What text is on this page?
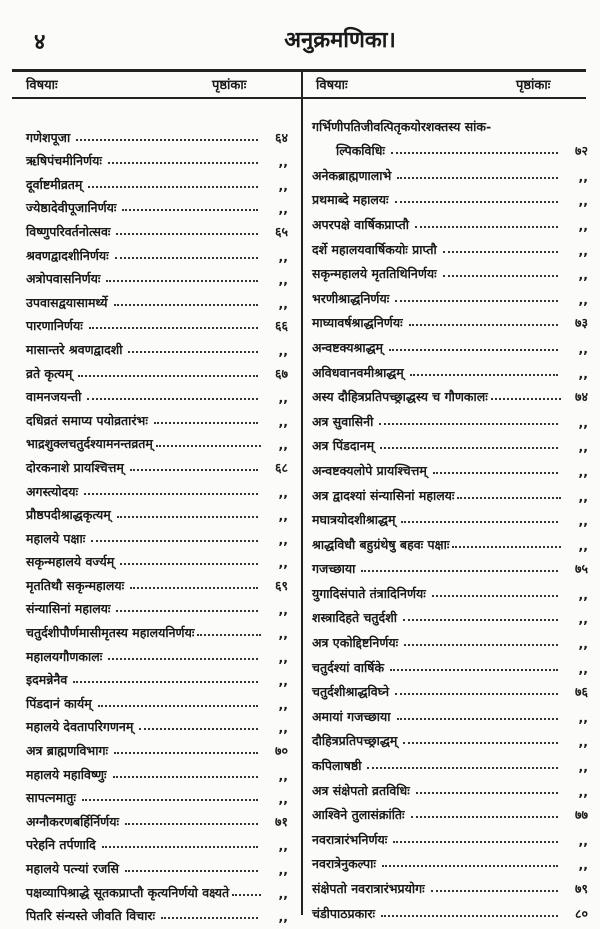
४	अनुक्रमणिका।
विषयाः	पृष्ठांकाः	विषयाः	पृष्ठांकाः
गणेशपूजा	६४
ऋषिपंचमीनिर्णयः	,,
दूर्वाष्टमीव्रतम्	,,
ज्येष्ठादेवीपूजानिर्णयः	,,
विष्णुपरिवर्तनोत्सवः	६५
श्रवणद्वादशीनिर्णयः	,,
अत्रोपवासनिर्णयः	,,
उपवासद्वयासामर्थ्ये	,,
पारणानिर्णयः	६६
मासान्तरे श्रवणद्वादशी	,,
व्रते कृत्यम्	६७
वामनजयन्ती	,,
दधिव्रतं समाप्य पयोव्रतारंभः	,,
भाद्रशुक्लचतुर्दश्यामनन्तव्रतम्	,,
दोरकनाशे प्रायश्चित्तम्	६८
अगस्त्योदयः	,,
प्रौष्ठपदीश्राद्धकृत्यम्	,,
महालये पक्षाः	,,
सकृन्महालये वर्ज्यम्	,,
मृततिथौ सकृन्महालयः	६९
संन्यासिनां महालयः	,,
चतुर्दशीपौर्णमासीमृतस्य महालयनिर्णयः	,,
महालयगौणकालः	,,
इदमन्नेनैव	,,
पिंडदानं कार्यम्	,,
महालये देवतापरिगणनम्	,,
अत्र ब्राह्मणविभागः	७०
महालये महाविष्णुः	,,
सापत्नमातुः	,,
अग्नौकरणबर्हिर्निर्णयः	७१
परेहनि तर्पणादि	,,
महालये पत्न्यां रजसि	,,
पक्षव्यापिश्राद्धे सूतकप्राप्तौ कृत्यनिर्णयो वक्ष्यते	,,
पितरि संन्यस्ते जीवति विचारः	,,
गर्भिणीपतिजीवत्पितृकयोरशक्तस्य सांक-
ल्पिकविधिः	७२
अनेकब्राह्मणालाभे	,,
प्रथमाब्दे महालयः	,,
अपरपक्षे वार्षिकप्राप्तौ	,,
दर्शे महालयवार्षिकयोः प्राप्तौ	,,
सकृन्महालये मृततिथिनिर्णयः	,,
भरणीश्राद्धनिर्णयः	,,
माघ्यावर्षश्राद्धनिर्णयः	७३
अन्वष्टक्यश्राद्धम्	,,
अविधवानवमीश्राद्धम्	,,
अस्य दौहित्रप्रतिपच्छ्राद्धस्य च गौणकालः	७४
अत्र सुवासिनी	,,
अत्र पिंडदानम्	,,
अन्वष्टक्यलोपे प्रायश्चित्तम्	,,
अत्र द्वादश्यां संन्यासिनां महालयः	,,
मघात्रयोदशीश्राद्धम्	,,
श्राद्धविधौ बहुग्रंथेषु बहवः पक्षाः	,,
गजच्छाया	७५
युगादिसंपाते तंत्रादिनिर्णयः	,,
शस्त्रादिहते चतुर्दशी	,,
अत्र एकोद्दिष्टनिर्णयः	,,
चतुर्दश्यां वार्षिके	,,
चतुर्दशीश्राद्धविघ्ने	७६
अमायां गजच्छाया	,,
दौहित्रप्रतिपच्छ्राद्धम्	,,
कपिलाषष्ठी	,,
अत्र संक्षेपतो व्रतविधिः	,,
आश्विने तुलासंक्रांतिः	७७
नवरात्रारंभनिर्णयः	,,
नवरात्रेनुकल्पाः	,,
संक्षेपतो नवरात्रारंभप्रयोगः	७९
चंडीपाठप्रकारः	८०
